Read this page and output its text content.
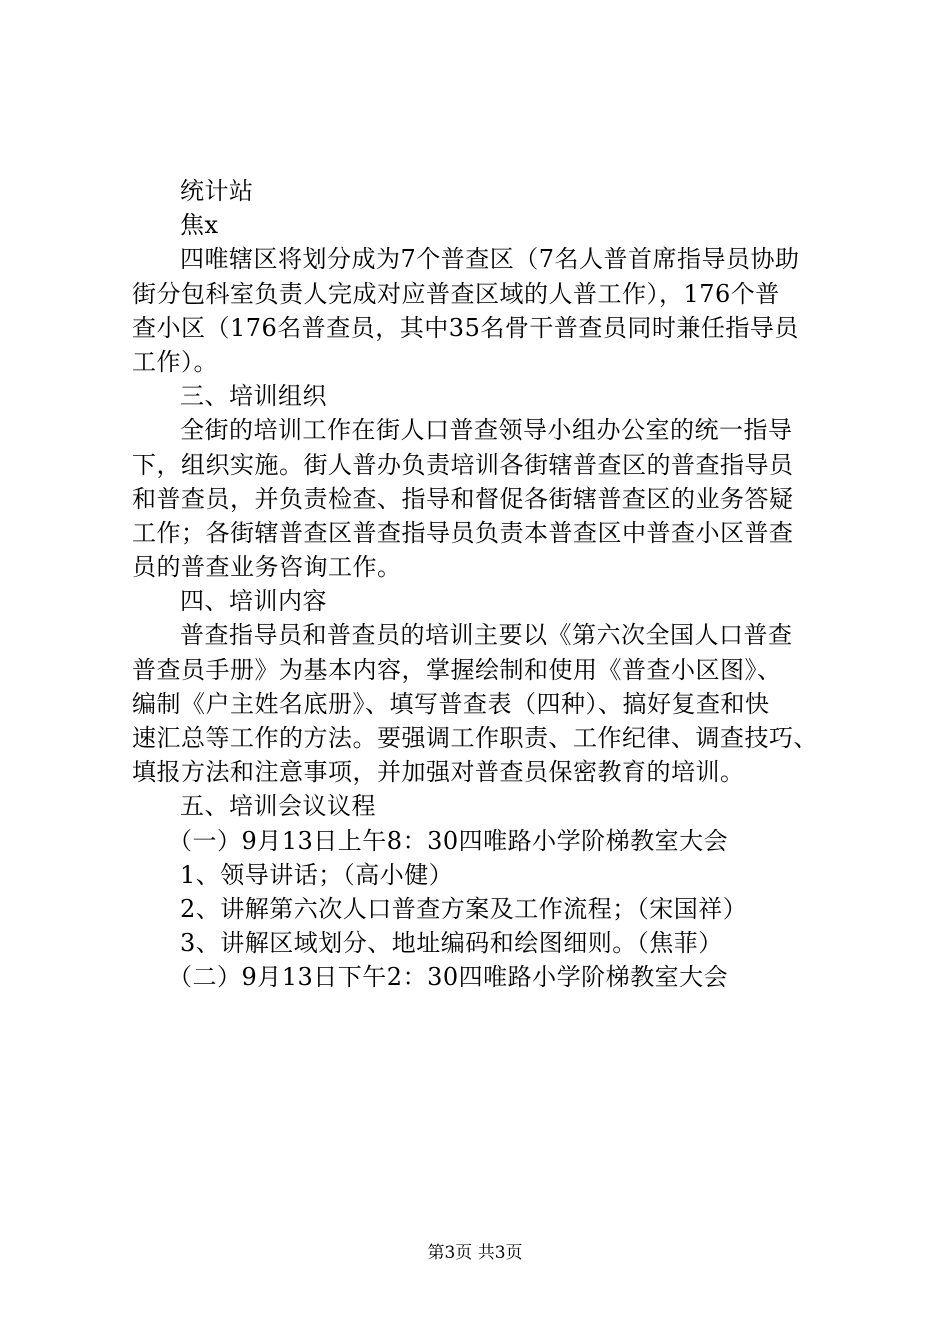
统计站
焦x
四唯辖区将划分成为7个普查区（7名人普首席指导员协助
街分包科室负责人完成对应普查区域的人普工作），176个普
查小区（176名普查员，其中35名骨干普查员同时兼任指导员
工作）。
三、培训组织
全街的培训工作在街人口普查领导小组办公室的统一指导
下，组织实施。街人普办负责培训各街辖普查区的普查指导员
和普查员，并负责检查、指导和督促各街辖普查区的业务答疑
工作；各街辖普查区普查指导员负责本普查区中普查小区普查
员的普查业务咨询工作。
四、培训内容
普查指导员和普查员的培训主要以《第六次全国人口普查
普查员手册》为基本内容，掌握绘制和使用《普查小区图》、
编制《户主姓名底册》、填写普查表（四种）、搞好复查和快
速汇总等工作的方法。要强调工作职责、工作纪律、调查技巧、
填报方法和注意事项，并加强对普查员保密教育的培训。
五、培训会议议程
（一）9月13日上午8：30四唯路小学阶梯教室大会
1、领导讲话；（高小健）
2、讲解第六次人口普查方案及工作流程；（宋国祥）
3、讲解区域划分、地址编码和绘图细则。（焦菲）
（二）9月13日下午2：30四唯路小学阶梯教室大会
第3页 共3页
